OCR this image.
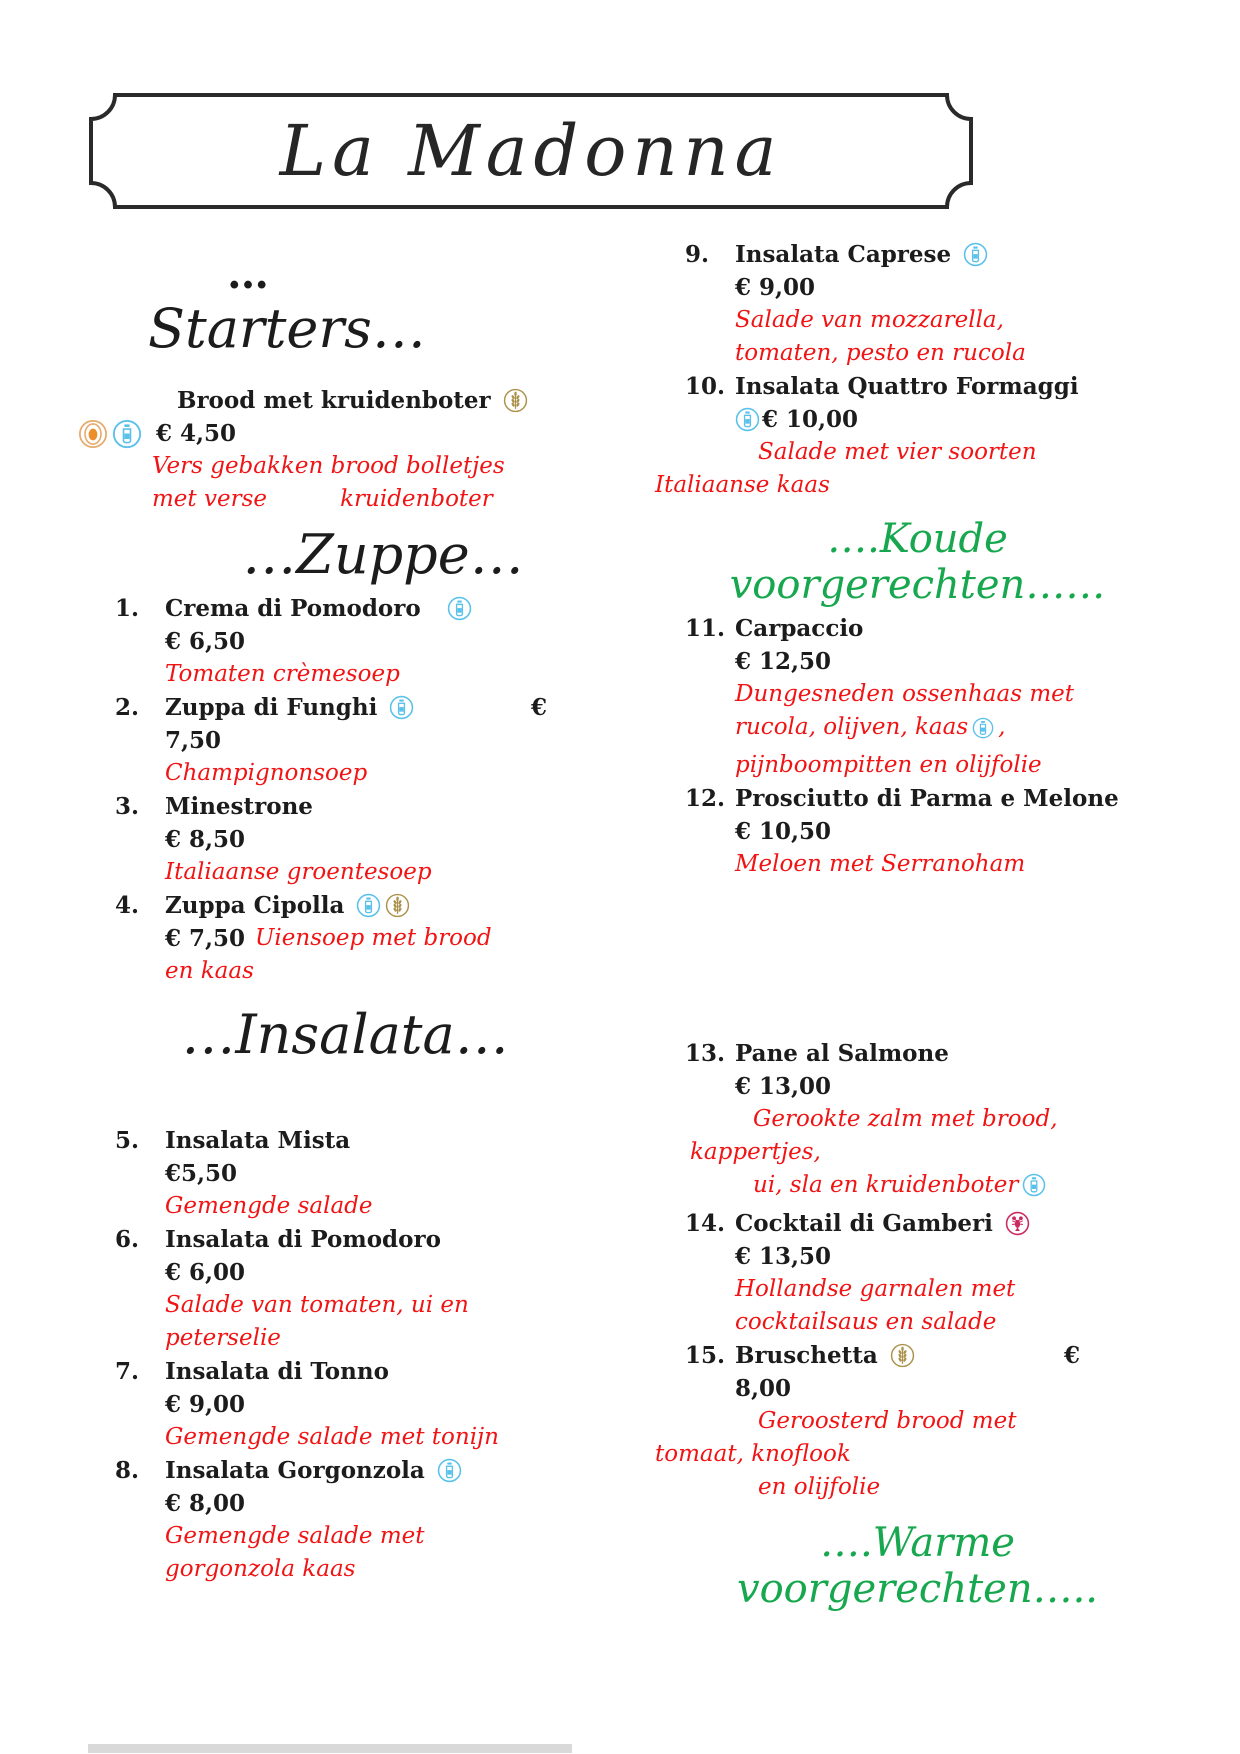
La Madonna
…
Starters…
Brood met kruidenboter
€ 4,50
Vers gebakken brood bolletjes
met verse          kruidenboter
…Zuppe…
1.	Crema di Pomodoro
€ 6,50
Tomaten crèmesoep
2.	Zuppa di Funghi	€
7,50
Champignonsoep
3.	Minestrone
€ 8,50
Italiaanse groentesoep
4.	Zuppa Cipolla
€ 7,50 Uiensoep met brood
en kaas
…Insalata…
5.	Insalata Mista
€5,50
Gemengde salade
6.	Insalata di Pomodoro
€ 6,00
Salade van tomaten, ui en
peterselie
7.	Insalata di Tonno
€ 9,00
Gemengde salade met tonijn
8.	Insalata Gorgonzola
€ 8,00
Gemengde salade met
gorgonzola kaas
9.	Insalata Caprese
€ 9,00
Salade van mozzarella,
tomaten, pesto en rucola
10. Insalata Quattro Formaggi
€ 10,00
Salade met vier soorten
Italiaanse kaas
….Koude
voorgerechten……
11. Carpaccio
€ 12,50
Dungesneden ossenhaas met
rucola, olijven, kaas ,
pijnboompitten en olijfolie
12. Prosciutto di Parma e Melone
€ 10,50
Meloen met Serranoham
13. Pane al Salmone
€ 13,00
Gerookte zalm met brood,
kappertjes,
ui, sla en kruidenboter
14. Cocktail di Gamberi
€ 13,50
Hollandse garnalen met
cocktailsaus en salade
15. Bruschetta	€
8,00
Geroosterd brood met
tomaat, knoflook
en olijfolie
….Warme
voorgerechten…..
